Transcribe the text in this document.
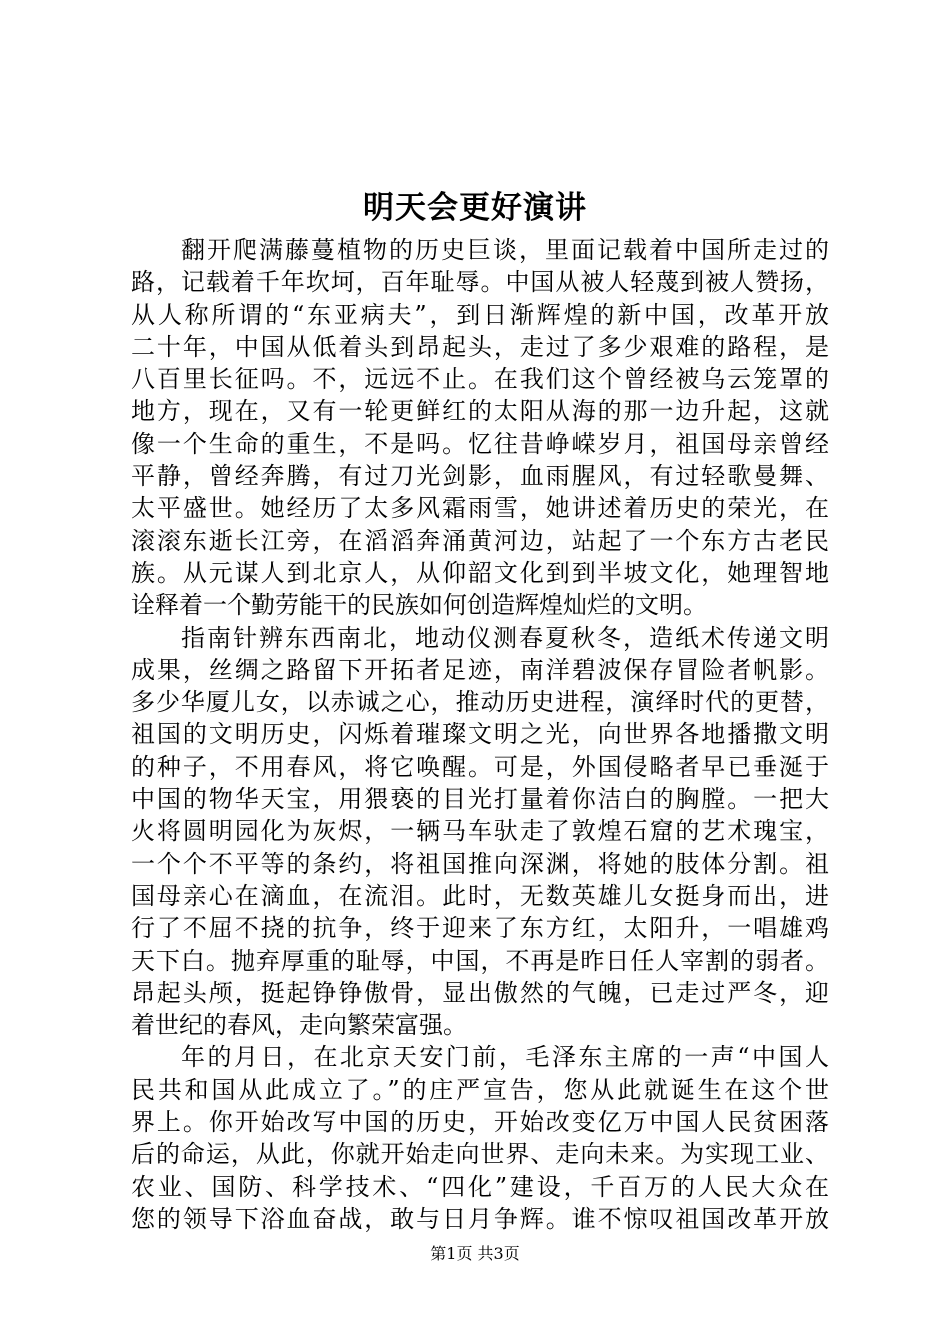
明天会更好演讲
翻开爬满藤蔓植物的历史巨谈，里面记载着中国所走过的
路，记载着千年坎坷，百年耻辱。中国从被人轻蔑到被人赞扬，
从人称所谓的“东亚病夫”，到日渐辉煌的新中国，改革开放
二十年，中国从低着头到昂起头，走过了多少艰难的路程，是
八百里长征吗。不，远远不止。在我们这个曾经被乌云笼罩的
地方，现在，又有一轮更鲜红的太阳从海的那一边升起，这就
像一个生命的重生，不是吗。忆往昔峥嵘岁月，祖国母亲曾经
平静，曾经奔腾，有过刀光剑影，血雨腥风，有过轻歌曼舞、
太平盛世。她经历了太多风霜雨雪，她讲述着历史的荣光，在
滚滚东逝长江旁，在滔滔奔涌黄河边，站起了一个东方古老民
族。从元谋人到北京人，从仰韶文化到到半坡文化，她理智地
诠释着一个勤劳能干的民族如何创造辉煌灿烂的文明。
指南针辨东西南北，地动仪测春夏秋冬，造纸术传递文明
成果，丝绸之路留下开拓者足迹，南洋碧波保存冒险者帆影。
多少华厦儿女，以赤诚之心，推动历史进程，演绎时代的更替，
祖国的文明历史，闪烁着璀璨文明之光，向世界各地播撒文明
的种子，不用春风，将它唤醒。可是，外国侵略者早已垂涎于
中国的物华天宝，用猥亵的目光打量着你洁白的胸膛。一把大
火将圆明园化为灰烬，一辆马车驮走了敦煌石窟的艺术瑰宝，
一个个不平等的条约，将祖国推向深渊，将她的肢体分割。祖
国母亲心在滴血，在流泪。此时，无数英雄儿女挺身而出，进
行了不屈不挠的抗争，终于迎来了东方红，太阳升，一唱雄鸡
天下白。抛弃厚重的耻辱，中国，不再是昨日任人宰割的弱者。
昂起头颅，挺起铮铮傲骨，显出傲然的气魄，已走过严冬，迎
着世纪的春风，走向繁荣富强。
年的月日，在北京天安门前，毛泽东主席的一声“中国人
民共和国从此成立了。”的庄严宣告，您从此就诞生在这个世
界上。你开始改写中国的历史，开始改变亿万中国人民贫困落
后的命运，从此，你就开始走向世界、走向未来。为实现工业、
农业、国防、科学技术、“四化”建设，千百万的人民大众在
您的领导下浴血奋战，敢与日月争辉。谁不惊叹祖国改革开放
第1页 共3页
